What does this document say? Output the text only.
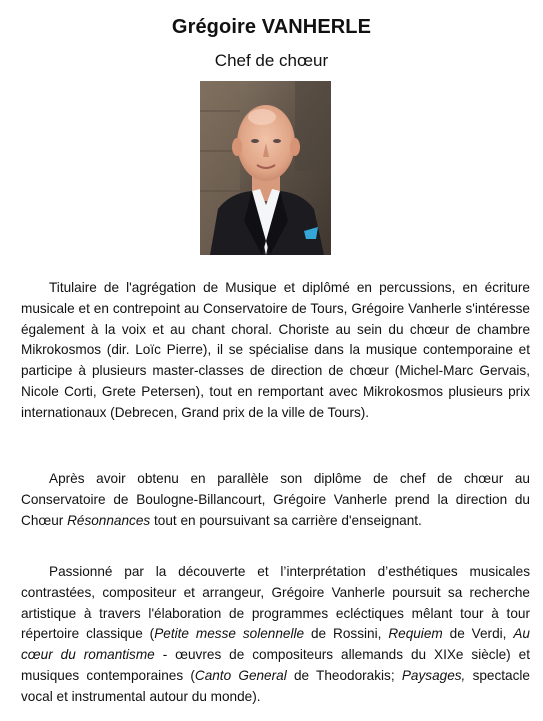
Grégoire VANHERLE
Chef de chœur

Titulaire de l'agrégation de Musique et diplômé en percussions, en écriture musicale et en contrepoint au Conservatoire de Tours, Grégoire Vanherle s'intéresse également à la voix et au chant choral. Choriste au sein du chœur de chambre Mikrokosmos (dir. Loïc Pierre), il se spécialise dans la musique contemporaine et participe à plusieurs master-classes de direction de chœur (Michel-Marc Gervais, Nicole Corti, Grete Petersen), tout en remportant avec Mikrokosmos plusieurs prix internationaux (Debrecen, Grand prix de la ville de Tours).

Après avoir obtenu en parallèle son diplôme de chef de chœur au Conservatoire de Boulogne-Billancourt, Grégoire Vanherle prend la direction du Chœur Résonnances tout en poursuivant sa carrière d'enseignant.

Passionné par la découverte et l’interprétation d’esthétiques musicales contrastées, compositeur et arrangeur, Grégoire Vanherle poursuit sa recherche artistique à travers l'élaboration de programmes ecléctiques mêlant tour à tour répertoire classique (Petite messe solennelle de Rossini, Requiem de Verdi, Au cœur du romantisme - œuvres de compositeurs allemands du XIXe siècle) et musiques contemporaines (Canto General de Theodorakis; Paysages, spectacle vocal et instrumental autour du monde).
